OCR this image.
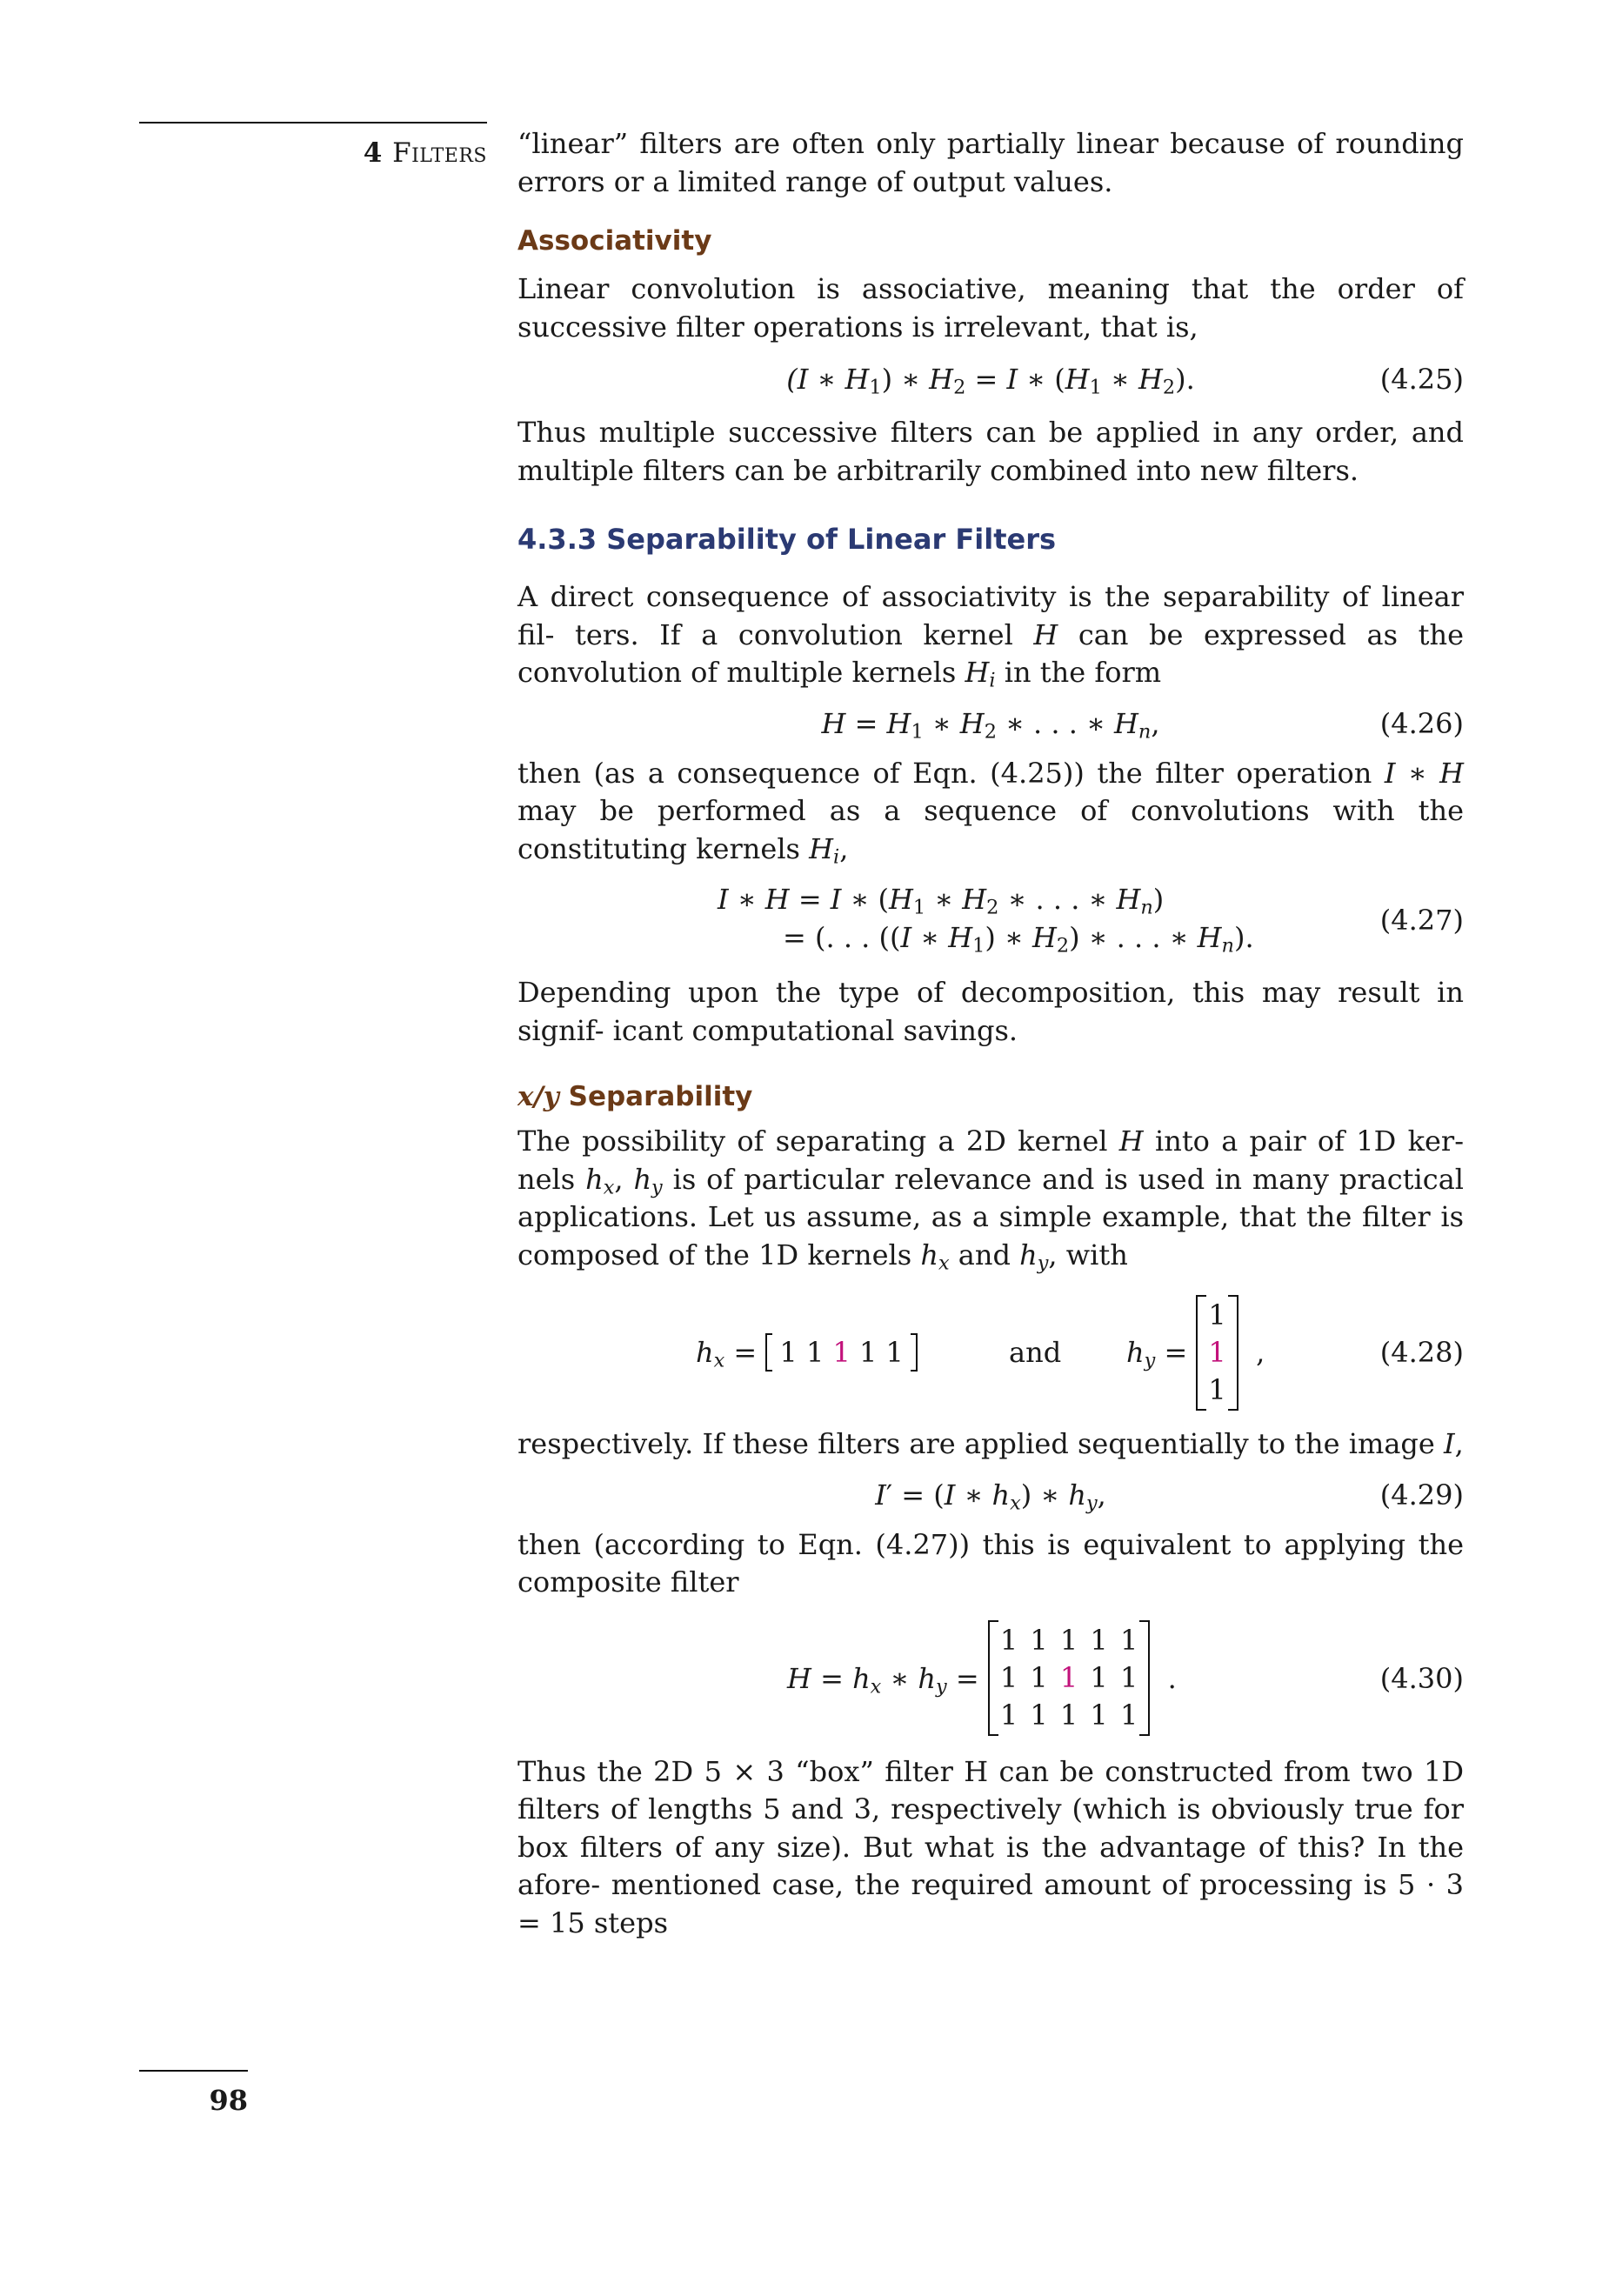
4 Filters
98

“linear” filters are often only partially linear because of rounding errors or a limited range of output values.

Associativity

Linear convolution is associative, meaning that the order of successive filter operations is irrelevant, that is,

(I ∗ $H_1$) ∗ $H_2 = I$ ∗ ($H_1$ ∗ $H_2$).	(4.25)

Thus multiple successive filters can be applied in any order, and multiple filters can be arbitrarily combined into new filters.

4.3.3 Separability of Linear Filters

A direct consequence of associativity is the separability of linear fil- ters. If a convolution kernel H can be expressed as the convolution of multiple kernels $H_i$ in the form

$H = H_1$ ∗ $H_2$ ∗ . . . ∗ $H_n$,	(4.26)

then (as a consequence of Eqn. (4.25)) the filter operation I ∗ H may be performed as a sequence of convolutions with the constituting kernels $H_i$,

I ∗ H = I ∗ ($H_1$ ∗ $H_2$ ∗ . . . ∗ $H_n$)
= (. . . ((I ∗ $H_1$) ∗ $H_2$) ∗ . . . ∗ $H_n$).
(4.27)

Depending upon the type of decomposition, this may result in signif- icant computational savings.

x/y Separability

The possibility of separating a 2D kernel H into a pair of 1D ker- nels $h_x$, $h_y$ is of particular relevance and is used in many practical applications. Let us assume, as a simple example, that the filter is composed of the 1D kernels $h_x$ and $h_y$, with

$h_x = 1$ 1 1 1 1	and $h_y$ =
1
1
1
,	(4.28)

respectively. If these filters are applied sequentially to the image I,

I′ = (I ∗ $h_x$) ∗ $h_y$,	(4.29)

then (according to Eqn. (4.27)) this is equivalent to applying the composite filter

$H = h_x$ ∗ $h_y$ =
1 1 1 1 1
1 1 1 1 1
1 1 1 1 1
.	(4.30)

Thus the 2D 5 × 3 “box” filter H can be constructed from two 1D filters of lengths 5 and 3, respectively (which is obviously true for box filters of any size). But what is the advantage of this? In the afore- mentioned case, the required amount of processing is 5 · 3 = 15 steps
